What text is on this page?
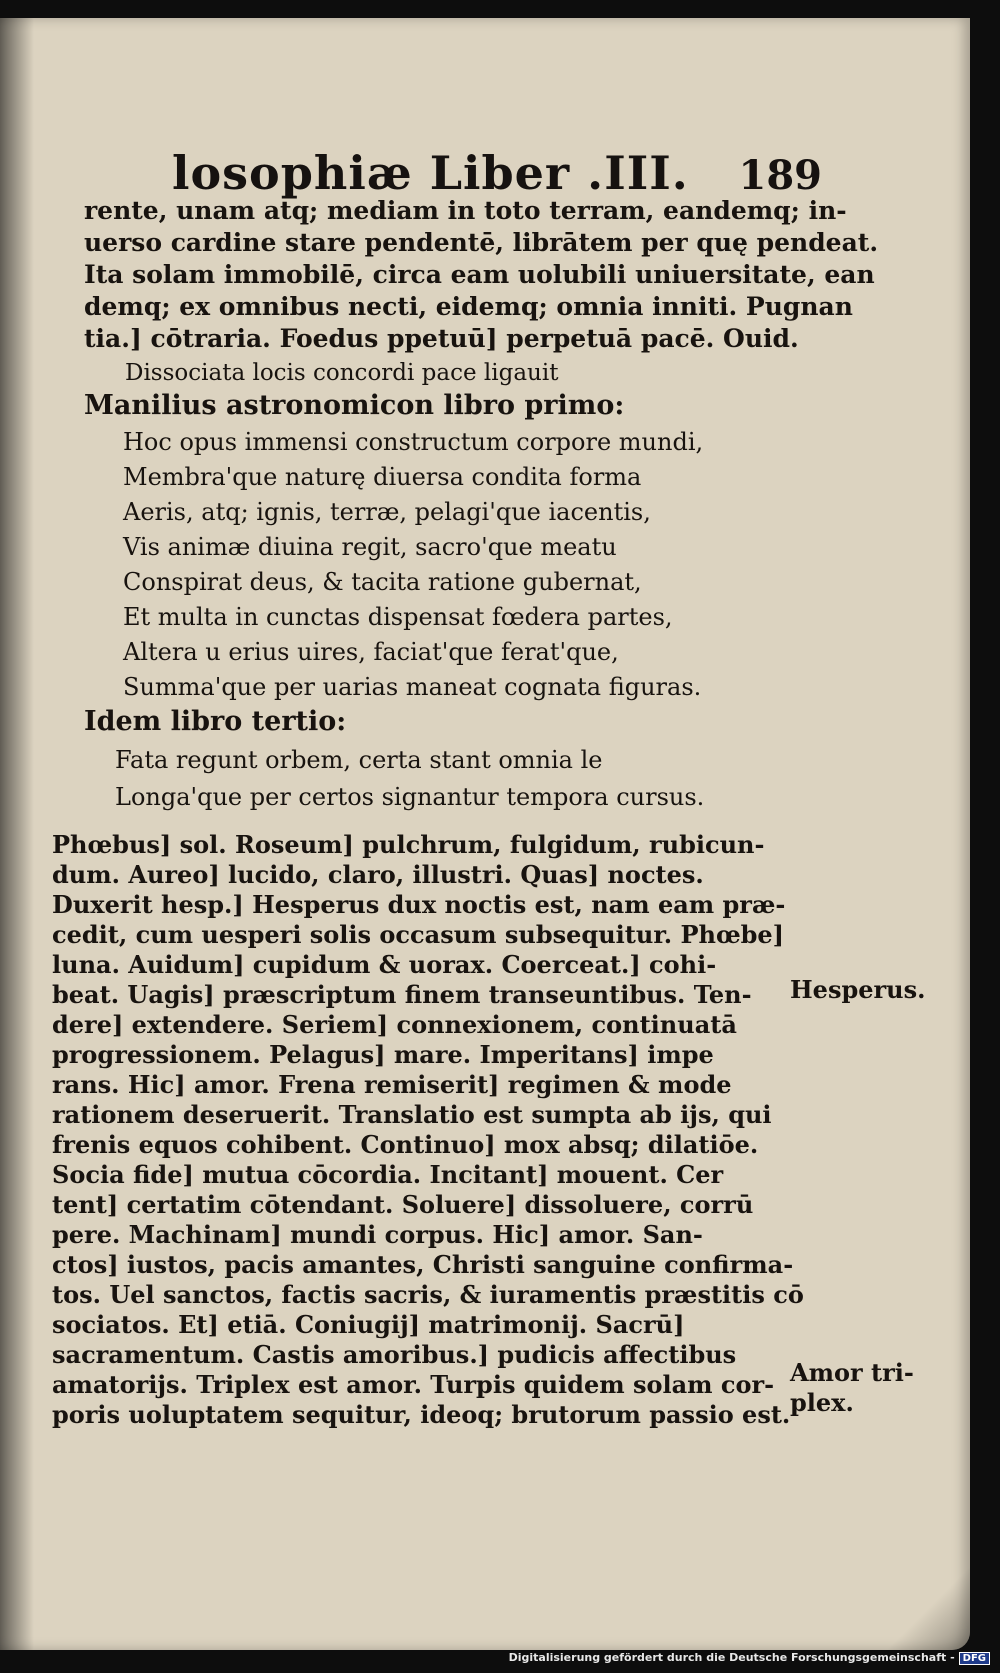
losophiæ Liber .III. 189
rente, unam atq; mediam in toto terram, eandemq; in-
uerso cardine stare pendentē, librātem per quę pendeat.
Ita solam immobilē, circa eam uolubili uniuersitate, ean
demq; ex omnibus necti, eidemq; omnia inniti. Pugnan
tia.] cōtraria. Foedus ppetuū] perpetuā pacē. Ouid.
Dissociata locis concordi pace ligauit
Manilius astronomicon libro primo:
Hoc opus immensi constructum corpore mundi,
Membra'que naturę diuersa condita forma
Aeris, atq; ignis, terræ, pelagi'que iacentis,
Vis animæ diuina regit, sacro'que meatu
Conspirat deus, & tacita ratione gubernat,
Et multa in cunctas dispensat fœdera partes,
Altera u erius uires, faciat'que ferat'que,
Summa'que per uarias maneat cognata figuras.
Idem libro tertio:
Fata regunt orbem, certa stant omnia le
Longa'que per certos signantur tempora cursus.
Phœbus] sol. Roseum] pulchrum, fulgidum, rubicun-
dum. Aureo] lucido, claro, illustri. Quas] noctes.
Duxerit hesp.] Hesperus dux noctis est, nam eam præ-
cedit, cum uesperi solis occasum subsequitur. Phœbe]
luna. Auidum] cupidum & uorax. Coerceat.] cohi-
beat. Uagis] præscriptum finem transeuntibus. Ten-
dere] extendere. Seriem] connexionem, continuatā
progressionem. Pelagus] mare. Imperitans] impe
rans. Hic] amor. Frena remiserit] regimen & mode
rationem deseruerit. Translatio est sumpta ab ijs, qui
frenis equos cohibent. Continuo] mox absq; dilatiōe.
Socia fide] mutua cōcordia. Incitant] mouent. Cer
tent] certatim cōtendant. Soluere] dissoluere, corrū
pere. Machinam] mundi corpus. Hic] amor. San-
ctos] iustos, pacis amantes, Christi sanguine confirma-
tos. Uel sanctos, factis sacris, & iuramentis præstitis cō
sociatos. Et] etiā. Coniugij] matrimonij. Sacrū]
sacramentum. Castis amoribus.] pudicis affectibus
amatorijs. Triplex est amor. Turpis quidem solam cor-
poris uoluptatem sequitur, ideoq; brutorum passio est.
Hesperus.
Amor tri-
plex.
Digitalisierung gefördert durch die Deutsche Forschungsgemeinschaft - DFG
